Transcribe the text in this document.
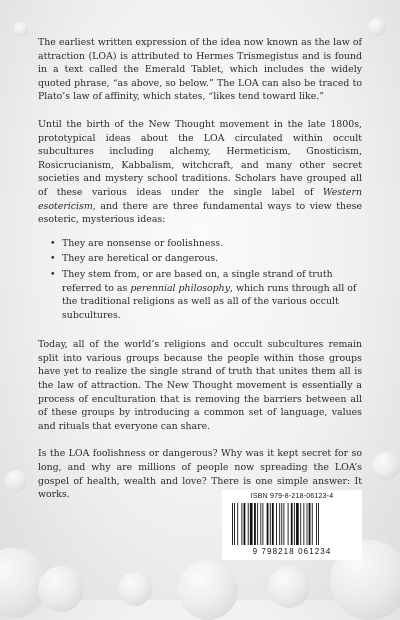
The earliest written expression of the idea now known as the law of attraction (LOA) is attributed to Hermes Trismegistus and is found in a text called the Emerald Tablet, which includes the widely quoted phrase, “as above, so below.” The LOA can also be traced to Plato’s law of affinity, which states, “likes tend toward like.”

Until the birth of the New Thought movement in the late 1800s, prototypical ideas about the LOA circulated within occult subcultures including alchemy, Hermeticism, Gnosticism, Rosicrucianism, Kabbalism, witchcraft, and many other secret societies and mystery school traditions. Scholars have grouped all of these various ideas under the single label of Western esotericism, and there are three fundamental ways to view these esoteric, mysterious ideas:

• They are nonsense or foolishness.
• They are heretical or dangerous.
• They stem from, or are based on, a single strand of truth referred to as perennial philosophy, which runs through all of the traditional religions as well as all of the various occult subcultures.

Today, all of the world’s religions and occult subcultures remain split into various groups because the people within those groups have yet to realize the single strand of truth that unites them all is the law of attraction. The New Thought movement is essentially a process of enculturation that is removing the barriers between all of these groups by introducing a common set of language, values and rituals that everyone can share.

Is the LOA foolishness or dangerous? Why was it kept secret for so long, and why are millions of people now spreading the LOA’s gospel of health, wealth and love? There is one simple answer: It works.	ISBN 979-8-218-06123-4
9 798218 061234
